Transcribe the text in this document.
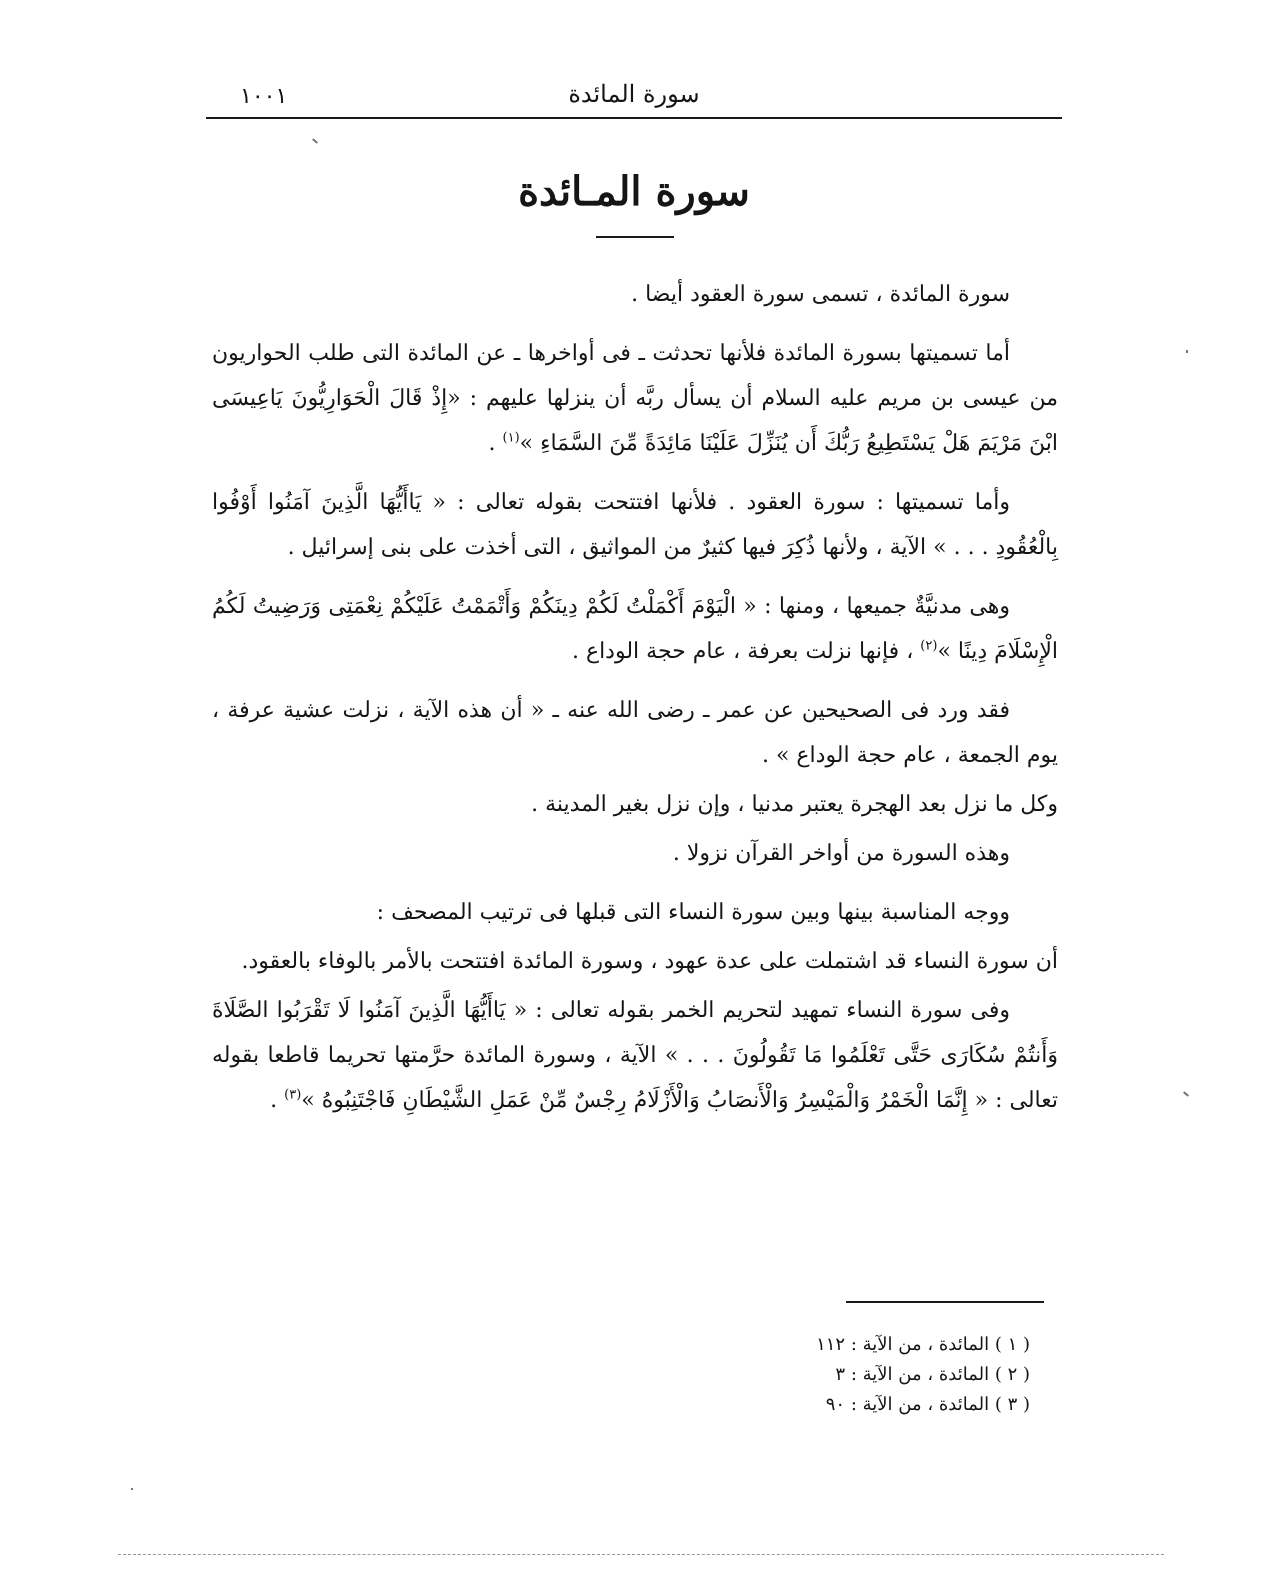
١٠٠١	سورة المائدة
سورة المـائدة

سورة المائدة ، تسمى سورة العقود أيضا .

أما تسميتها بسورة المائدة فلأنها تحدثت ـ فى أواخرها ـ عن المائدة التى طلب الحواريون من عيسى بن مريم عليه السلام أن يسأل ربَّه أن ينزلها عليهم : «إِذْ قَالَ الْحَوَارِيُّونَ يَاعِيسَى ابْنَ مَرْيَمَ هَلْ يَسْتَطِيعُ رَبُّكَ أَن يُنَزِّلَ عَلَيْنَا مَائِدَةً مِّنَ السَّمَاءِ »$^{(١)}$ .

وأما تسميتها : سورة العقود . فلأنها افتتحت بقوله تعالى : « يَاأَيُّهَا الَّذِينَ آمَنُوا أَوْفُوا بِالْعُقُودِ . . . » الآية ، ولأنها ذُكِرَ فيها كثيرٌ من المواثيق ، التى أخذت على بنى إسرائيل .

وهى مدنيَّةٌ جميعها ، ومنها : « الْيَوْمَ أَكْمَلْتُ لَكُمْ دِينَكُمْ وَأَتْمَمْتُ عَلَيْكُمْ نِعْمَتِى وَرَضِيتُ لَكُمُ الْإِسْلَامَ دِينًا »$^{(٢)}$ ، فإنها نزلت بعرفة ، عام حجة الوداع .

فقد ورد فى الصحيحين عن عمر ـ رضى الله عنه ـ « أن هذه الآية ، نزلت عشية عرفة ، يوم الجمعة ، عام حجة الوداع » .

وكل ما نزل بعد الهجرة يعتبر مدنيا ، وإن نزل بغير المدينة .

وهذه السورة من أواخر القرآن نزولا .

ووجه المناسبة بينها وبين سورة النساء التى قبلها فى ترتيب المصحف :

أن سورة النساء قد اشتملت على عدة عهود ، وسورة المائدة افتتحت بالأمر بالوفاء بالعقود.

وفى سورة النساء تمهيد لتحريم الخمر بقوله تعالى : « يَاأَيُّهَا الَّذِينَ آمَنُوا لَا تَقْرَبُوا الصَّلَاةَ وَأَنتُمْ سُكَارَى حَتَّى تَعْلَمُوا مَا تَقُولُونَ . . . » الآية ، وسورة المائدة حرَّمتها تحريما قاطعا بقوله تعالى : « إِنَّمَا الْخَمْرُ وَالْمَيْسِرُ وَالْأَنصَابُ وَالْأَزْلَامُ رِجْسٌ مِّنْ عَمَلِ الشَّيْطَانِ فَاجْتَنِبُوهُ »$^{(٣)}$ .

( ١ ) المائدة ، من الآية : ١١٢
( ٢ ) المائدة ، من الآية : ٣
( ٣ ) المائدة ، من الآية : ٩٠
